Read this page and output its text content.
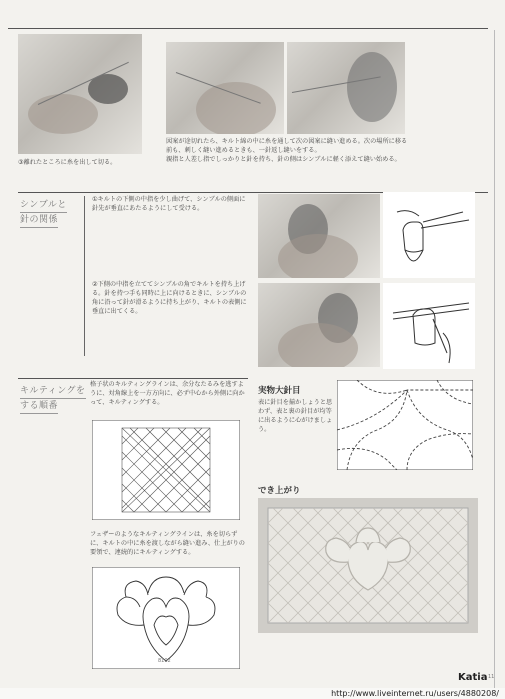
③離れたところに糸を出して切る。
図案が途切れたら、キルト綿の中に糸を通して次の図案に縫い進める。次の場所に移る前も、刺しく縫い進めるときも、一針返し縫いをする。
親指と人差し指でしっかりと針を持ち、針の側はシンブルに軽く添えて縫い始める。
シンブルと
針の関係
①キルトの下側の中指を少し曲げて、シンブルの側面に針先が垂直にあたるようにして受ける。
②下側の中指を立ててシンブルの角でキルトを持ち上げる。針を持つ手も同時に上に向けるときに、シンブルの角に沿って針が滑るように持ち上がり、キルトの表側に垂直に出てくる。
キルティングを
する順番
格子状のキルティングラインは、余分なたるみを逃すように、対角線上を一方方向に、必ず中心から外側に向かって、キルティングする。
フェザーのようなキルティングラインは、糸を切らずに、キルトの中に糸を渡しながら縫い進み、仕上がりの要領で、連続的にキルティングする。
8102
実物大針目
表に針目を揃かしょうと思わず、表と裏の針目が均等に出るように心がけましょう。
でき上がり
Katia 11
http://www.liveinternet.ru/users/4880208/
